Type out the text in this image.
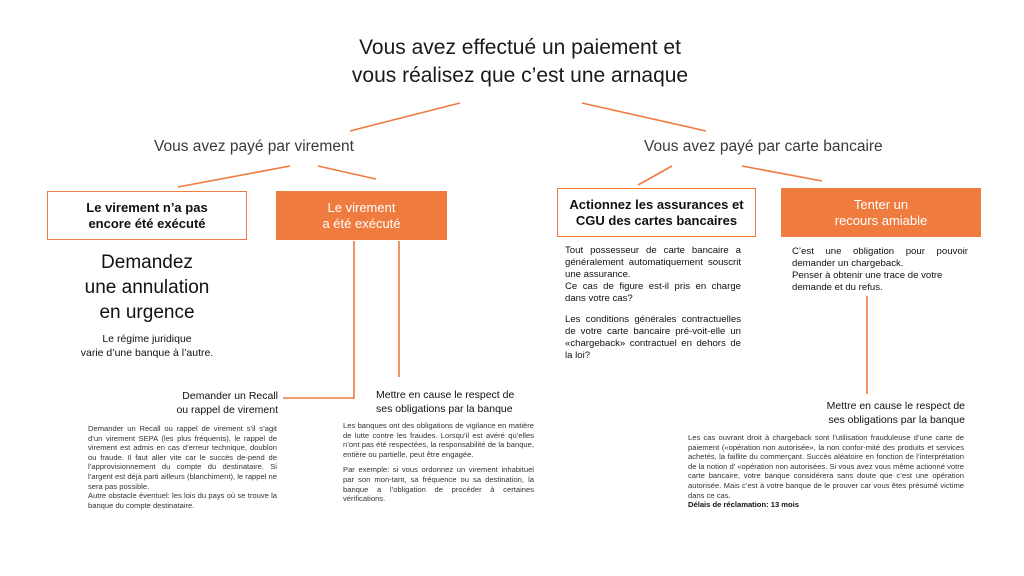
Vous avez effectué un paiement et
vous réalisez que c’est une arnaque
Vous avez payé par virement	Vous avez payé par carte bancaire
Le virement n’a pas
encore été exécuté
Le virement
a été exécuté
Demandez
une annulation
en urgence
Le régime juridique
varie d’une banque à l’autre.
Demander un Recall
ou rappel de virement

Demander un Recall ou rappel de virement s’il s’agit d’un virement SEPA (les plus fréquents), le rappel de virement est admis en cas d’erreur technique, doublon ou fraude. Il faut aller vite car le succès de-pend de l’approvisionnement du compte du destinataire. Si l’argent est déjà parti ailleurs (blanchiment), le rappel ne sera pas possible.

Autre obstacle éventuel: les lois du pays où se trouve la banque du compte destinataire.

Mettre en cause le respect de
ses obligations par la banque

Les banques ont des obligations de vigilance en matière de lutte contre les fraudes. Lorsqu’il est avéré qu’elles n’ont pas été respectées, la responsabilité de la banque, entière ou partielle, peut être engagée.

Par exemple: si vous ordonnez un virement inhabituel par son mon-tant, sa fréquence ou sa destination, la banque a l’obligation de procéder à certaines vérifications.

Actionnez les assurances et
CGU des cartes bancaires
Tenter un
recours amiable
Tout possesseur de carte bancaire a généralement automatiquement souscrit une assurance.
Ce cas de figure est-il pris en charge dans votre cas?
Les conditions générales contractuelles de votre carte bancaire pré-voit-elle un «chargeback» contractuel en dehors de la loi?
C’est une obligation pour pouvoir demander un chargeback.
Penser à obtenir une trace de votre demande et du refus.
Mettre en cause le respect de
ses obligations par la banque

Les cas ouvrant droit à chargeback sont l’utilisation frauduleuse d’une carte de paiement («opération non autorisée», la non confor-mité des produits et services achetés, la faillite du commerçant. Succès aléatoire en fonction de l’interprétation de la notion d’ «opération non autorisées. Si vous avez vous même actionné votre carte bancaire, votre banque considérera sans doute que c’est une opération autorisée. Mais c’est à votre banque de le prouver car vous êtes présumé victime dans ce cas.

Délais de réclamation: 13 mois
